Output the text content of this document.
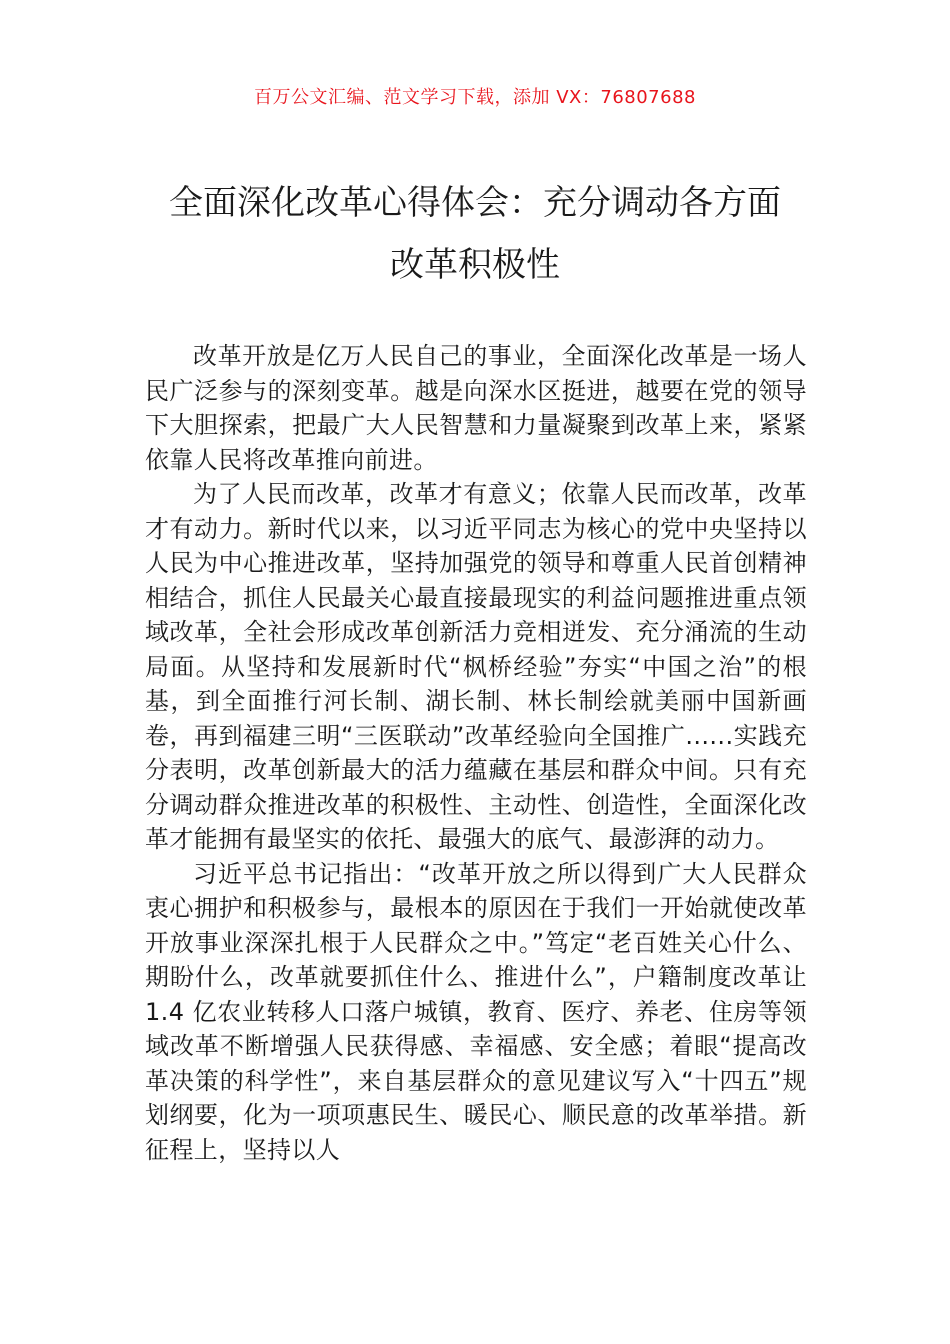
百万公文汇编、范文学习下载，添加 VX：76807688
全面深化改革心得体会：充分调动各方面
改革积极性

改革开放是亿万人民自己的事业，全面深化改革是一场人民广泛参与的深刻变革。越是向深水区挺进，越要在党的领导下大胆探索，把最广大人民智慧和力量凝聚到改革上来，紧紧依靠人民将改革推向前进。

为了人民而改革，改革才有意义；依靠人民而改革，改革才有动力。新时代以来，以习近平同志为核心的党中央坚持以人民为中心推进改革，坚持加强党的领导和尊重人民首创精神相结合，抓住人民最关心最直接最现实的利益问题推进重点领域改革，全社会形成改革创新活力竞相迸发、充分涌流的生动局面。从坚持和发展新时代“枫桥经验”夯实“中国之治”的根基，到全面推行河长制、湖长制、林长制绘就美丽中国新画卷，再到福建三明“三医联动”改革经验向全国推广......实践充分表明，改革创新最大的活力蕴藏在基层和群众中间。只有充分调动群众推进改革的积极性、主动性、创造性，全面深化改革才能拥有最坚实的依托、最强大的底气、最澎湃的动力。

习近平总书记指出：“改革开放之所以得到广大人民群众衷心拥护和积极参与，最根本的原因在于我们一开始就使改革开放事业深深扎根于人民群众之中。”笃定“老百姓关心什么、期盼什么，改革就要抓住什么、推进什么”，户籍制度改革让 1.4 亿农业转移人口落户城镇，教育、医疗、养老、住房等领域改革不断增强人民获得感、幸福感、安全感；着眼“提高改革决策的科学性”，来自基层群众的意见建议写入“十四五”规划纲要，化为一项项惠民生、暖民心、顺民意的改革举措。新征程上，坚持以人
